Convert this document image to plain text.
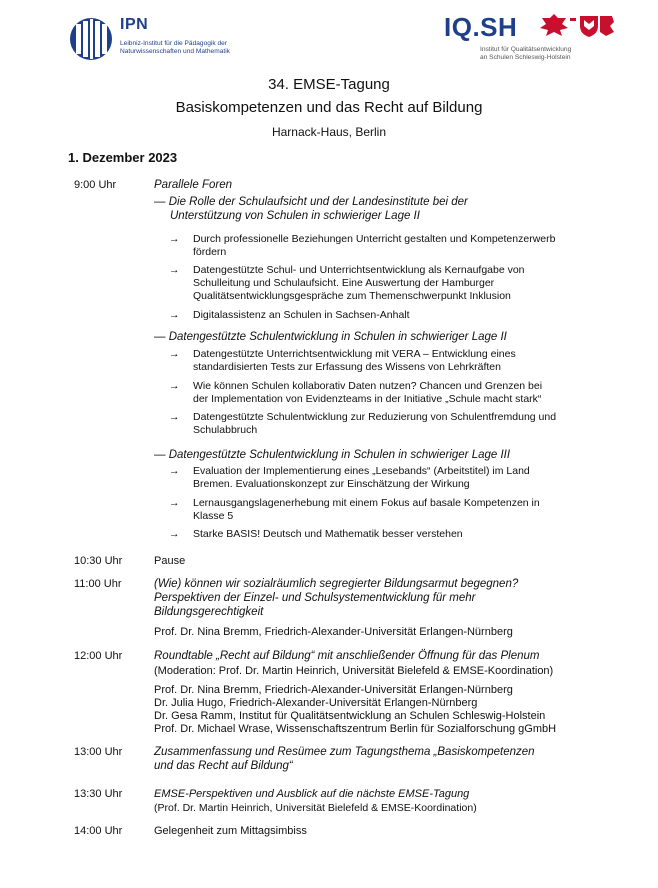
IPN
Leibniz-Institut für die Pädagogik der
Naturwissenschaften und Mathematik
IQ.SH
Institut für Qualitätsentwicklung
an Schulen Schleswig-Holstein
34. EMSE-Tagung
Basiskompetenzen und das Recht auf Bildung
Harnack-Haus, Berlin
1. Dezember 2023
9:00 Uhr	Parallele Foren
— Die Rolle der Schulaufsicht und der Landesinstitute bei der
Unterstützung von Schulen in schwieriger Lage II
→ Durch professionelle Beziehungen Unterricht gestalten und Kompetenzerwerb
fördern
→ Datengestützte Schul- und Unterrichtsentwicklung als Kernaufgabe von
Schulleitung und Schulaufsicht. Eine Auswertung der Hamburger
Qualitätsentwicklungsgespräche zum Themenschwerpunkt Inklusion
→ Digitalassistenz an Schulen in Sachsen-Anhalt
— Datengestützte Schulentwicklung in Schulen in schwieriger Lage II
→ Datengestützte Unterrichtsentwicklung mit VERA – Entwicklung eines
standardisierten Tests zur Erfassung des Wissens von Lehrkräften
→ Wie können Schulen kollaborativ Daten nutzen? Chancen und Grenzen bei
der Implementation von Evidenzteams in der Initiative „Schule macht stark“
→ Datengestützte Schulentwicklung zur Reduzierung von Schulentfremdung und
Schulabbruch
— Datengestützte Schulentwicklung in Schulen in schwieriger Lage III
→ Evaluation der Implementierung eines „Lesebands“ (Arbeitstitel) im Land
Bremen. Evaluationskonzept zur Einschätzung der Wirkung
→ Lernausgangslagenerhebung mit einem Fokus auf basale Kompetenzen in
Klasse 5
→ Starke BASIS! Deutsch und Mathematik besser verstehen
10:30 Uhr	Pause
11:00 Uhr	(Wie) können wir sozialräumlich segregierter Bildungsarmut begegnen?
Perspektiven der Einzel- und Schulsystementwicklung für mehr
Bildungsgerechtigkeit
Prof. Dr. Nina Bremm, Friedrich-Alexander-Universität Erlangen-Nürnberg
12:00 Uhr	Roundtable „Recht auf Bildung“ mit anschließender Öffnung für das Plenum
(Moderation: Prof. Dr. Martin Heinrich, Universität Bielefeld & EMSE-Koordination)
Prof. Dr. Nina Bremm, Friedrich-Alexander-Universität Erlangen-Nürnberg
Dr. Julia Hugo, Friedrich-Alexander-Universität Erlangen-Nürnberg
Dr. Gesa Ramm, Institut für Qualitätsentwicklung an Schulen Schleswig-Holstein
Prof. Dr. Michael Wrase, Wissenschaftszentrum Berlin für Sozialforschung gGmbH
13:00 Uhr	Zusammenfassung und Resümee zum Tagungsthema „Basiskompetenzen
und das Recht auf Bildung“
13:30 Uhr	EMSE-Perspektiven und Ausblick auf die nächste EMSE-Tagung
(Prof. Dr. Martin Heinrich, Universität Bielefeld & EMSE-Koordination)
14:00 Uhr	Gelegenheit zum Mittagsimbiss
